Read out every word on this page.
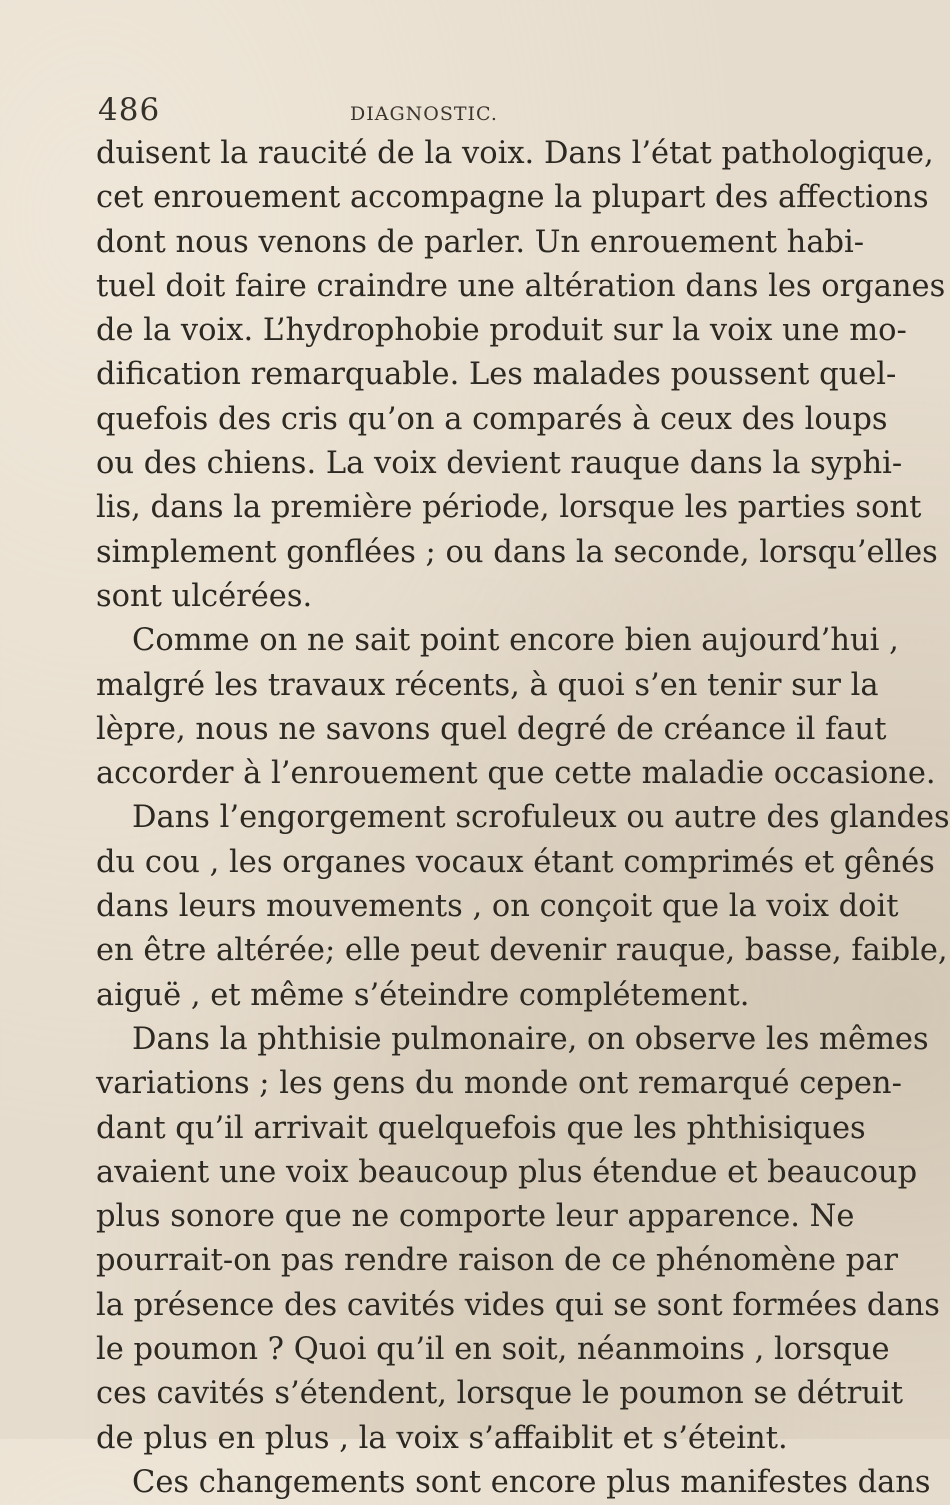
486	DIAGNOSTIC.
duisent la raucité de la voix. Dans l’état pathologique,
cet enrouement accompagne la plupart des affections
dont nous venons de parler. Un enrouement habi-
tuel doit faire craindre une altération dans les organes
de la voix. L’hydrophobie produit sur la voix une mo-
dification remarquable. Les malades poussent quel-
quefois des cris qu’on a comparés à ceux des loups
ou des chiens. La voix devient rauque dans la syphi-
lis, dans la première période, lorsque les parties sont
simplement gonflées ; ou dans la seconde, lorsqu’elles
sont ulcérées.
Comme on ne sait point encore bien aujourd’hui ,
malgré les travaux récents, à quoi s’en tenir sur la
lèpre, nous ne savons quel degré de créance il faut
accorder à l’enrouement que cette maladie occasione.
Dans l’engorgement scrofuleux ou autre des glandes
du cou , les organes vocaux étant comprimés et gênés
dans leurs mouvements , on conçoit que la voix doit
en être altérée; elle peut devenir rauque, basse, faible,
aiguë , et même s’éteindre complétement.
Dans la phthisie pulmonaire, on observe les mêmes
variations ; les gens du monde ont remarqué cepen-
dant qu’il arrivait quelquefois que les phthisiques
avaient une voix beaucoup plus étendue et beaucoup
plus sonore que ne comporte leur apparence. Ne
pourrait-on pas rendre raison de ce phénomène par
la présence des cavités vides qui se sont formées dans
le poumon ? Quoi qu’il en soit, néanmoins , lorsque
ces cavités s’étendent, lorsque le poumon se détruit
de plus en plus , la voix s’affaiblit et s’éteint.
Ces changements sont encore plus manifestes dans
